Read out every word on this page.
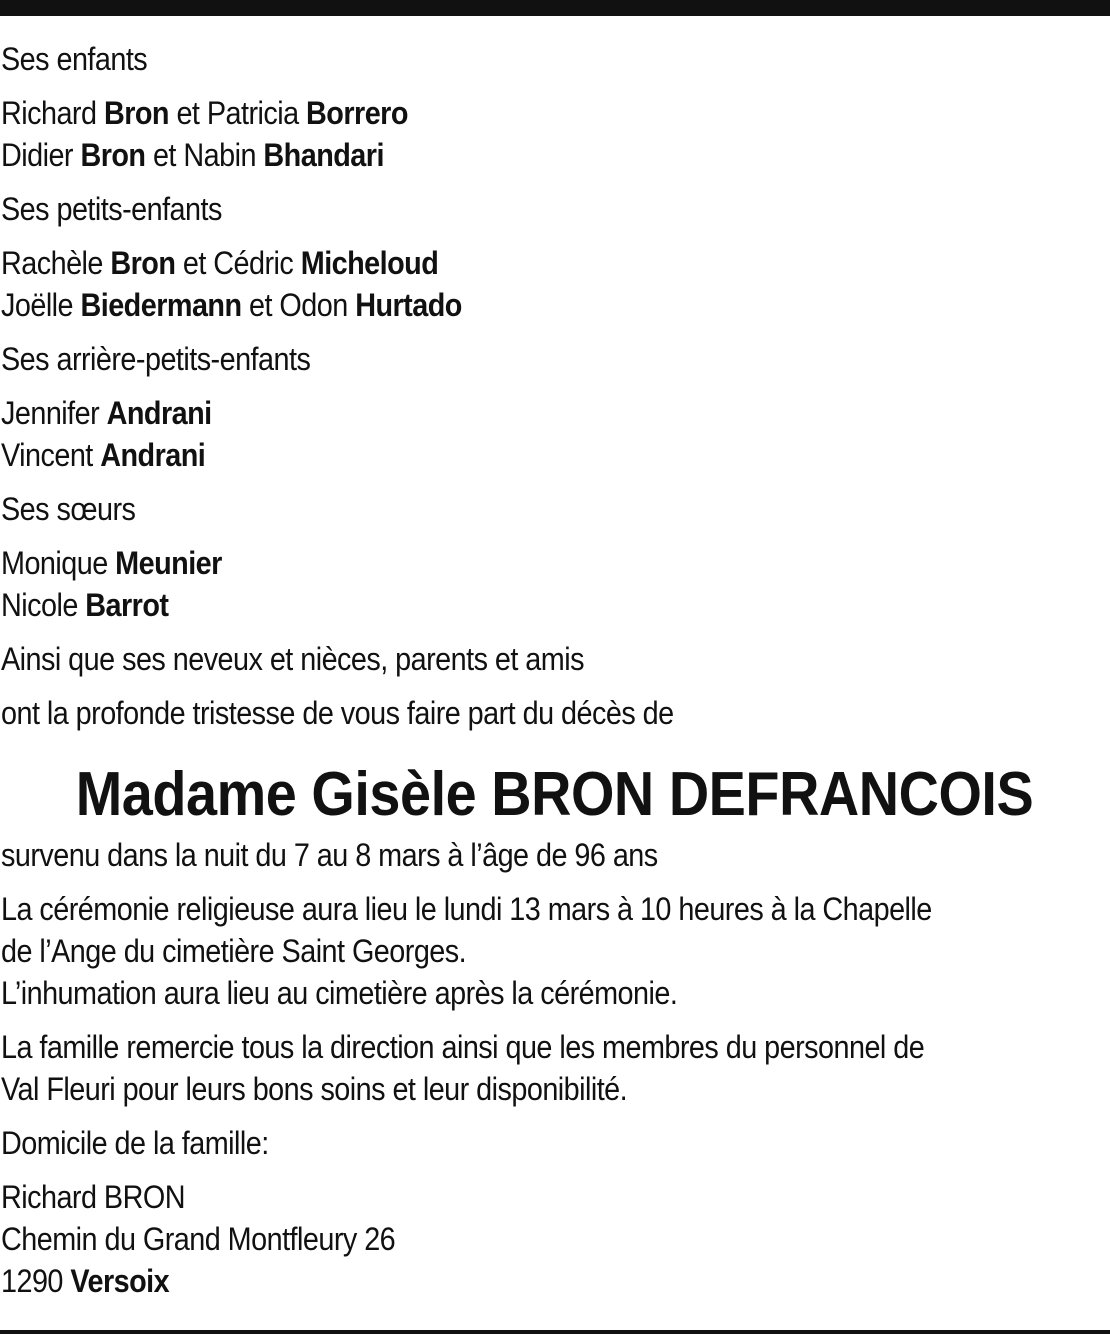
Ses enfants
Richard Bron et Patricia Borrero
Didier Bron et Nabin Bhandari
Ses petits-enfants
Rachèle Bron et Cédric Micheloud
Joëlle Biedermann et Odon Hurtado
Ses arrière-petits-enfants
Jennifer Andrani
Vincent Andrani
Ses sœurs
Monique Meunier
Nicole Barrot
Ainsi que ses neveux et nièces, parents et amis
ont la profonde tristesse de vous faire part du décès de
Madame Gisèle BRON DEFRANCOIS
survenu dans la nuit du 7 au 8 mars à l’âge de 96 ans
La cérémonie religieuse aura lieu le lundi 13 mars à 10 heures à la Chapelle
de l’Ange du cimetière Saint Georges.
L’inhumation aura lieu au cimetière après la cérémonie.
La famille remercie tous la direction ainsi que les membres du personnel de
Val Fleuri pour leurs bons soins et leur disponibilité.
Domicile de la famille:
Richard BRON
Chemin du Grand Montfleury 26
1290 Versoix
